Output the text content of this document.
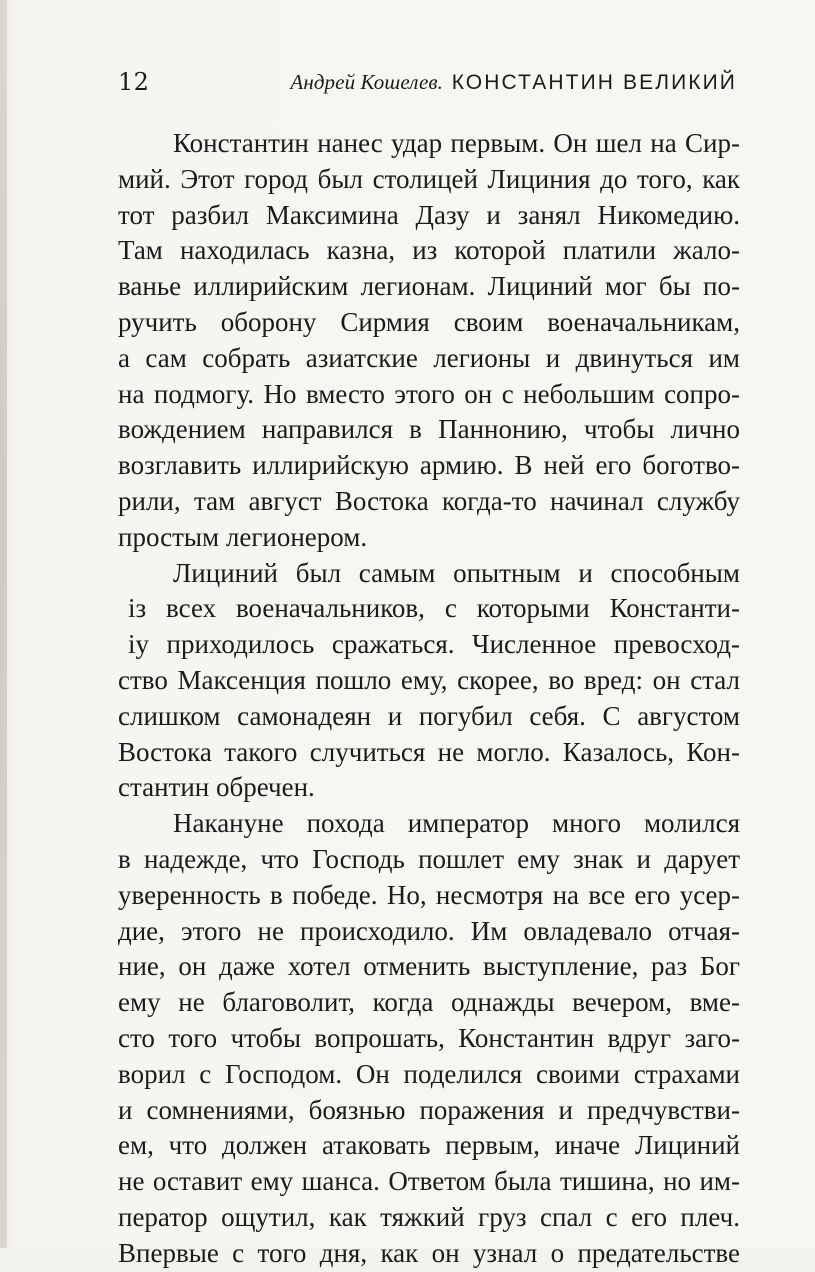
12	Андрей Кошелев. КОНСТАНТИН ВЕЛИКИЙ
Константин нанес удар первым. Он шел на Сир-
мий. Этот город был столицей Лициния до того, как
тот разбил Максимина Дазу и занял Никомедию.
Там находилась казна, из которой платили жало-
ванье иллирийским легионам. Лициний мог бы по-
ручить оборону Сирмия своим военачальникам,
а сам собрать азиатские легионы и двинуться им
на подмогу. Но вместо этого он с небольшим сопро-
вождением направился в Паннонию, чтобы лично
возглавить иллирийскую армию. В ней его боготво-
рили, там август Востока когда-то начинал службу
простым легионером.
Лициний был самым опытным и способным
із всех военачальников, с которыми Константи-
іу приходилось сражаться. Численное превосход-
ство Максенция пошло ему, скорее, во вред: он стал
слишком самонадеян и погубил себя. С августом
Востока такого случиться не могло. Казалось, Кон-
стантин обречен.
Накануне похода император много молился
в надежде, что Господь пошлет ему знак и дарует
уверенность в победе. Но, несмотря на все его усер-
дие, этого не происходило. Им овладевало отчая-
ние, он даже хотел отменить выступление, раз Бог
ему не благоволит, когда однажды вечером, вме-
сто того чтобы вопрошать, Константин вдруг заго-
ворил с Господом. Он поделился своими страхами
и сомнениями, боязнью поражения и предчувстви-
ем, что должен атаковать первым, иначе Лициний
не оставит ему шанса. Ответом была тишина, но им-
ператор ощутил, как тяжкий груз спал с его плеч.
Впервые с того дня, как он узнал о предательстве
